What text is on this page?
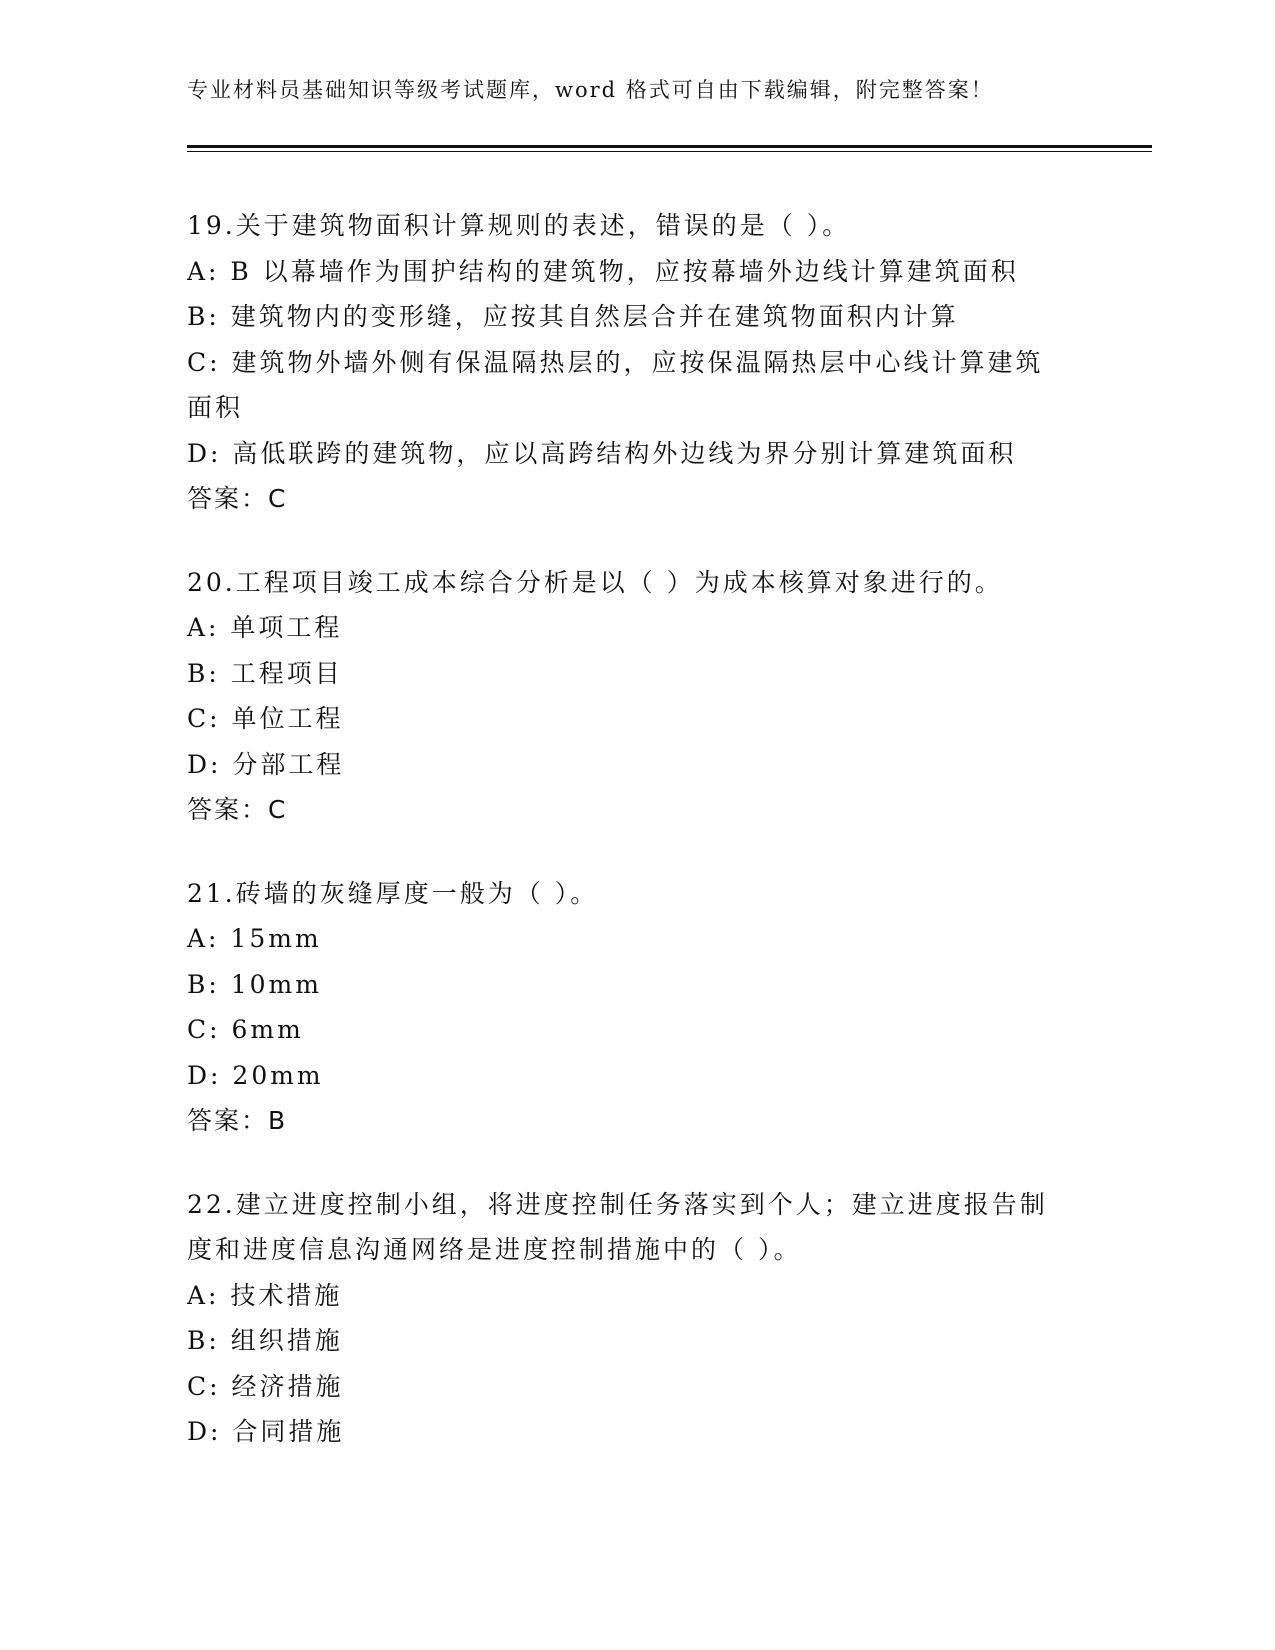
专业材料员基础知识等级考试题库，word 格式可自由下载编辑，附完整答案！
19.关于建筑物面积计算规则的表述，错误的是（ ）。
A: B 以幕墙作为围护结构的建筑物，应按幕墙外边线计算建筑面积
B: 建筑物内的变形缝，应按其自然层合并在建筑物面积内计算
C: 建筑物外墙外侧有保温隔热层的，应按保温隔热层中心线计算建筑
面积
D: 高低联跨的建筑物，应以高跨结构外边线为界分别计算建筑面积
答案：C
20.工程项目竣工成本综合分析是以（ ）为成本核算对象进行的。
A: 单项工程
B: 工程项目
C: 单位工程
D: 分部工程
答案：C
21.砖墙的灰缝厚度一般为（ ）。
A: 15mm
B: 10mm
C: 6mm
D: 20mm
答案：B
22.建立进度控制小组，将进度控制任务落实到个人；建立进度报告制
度和进度信息沟通网络是进度控制措施中的（ ）。
A: 技术措施
B: 组织措施
C: 经济措施
D: 合同措施
